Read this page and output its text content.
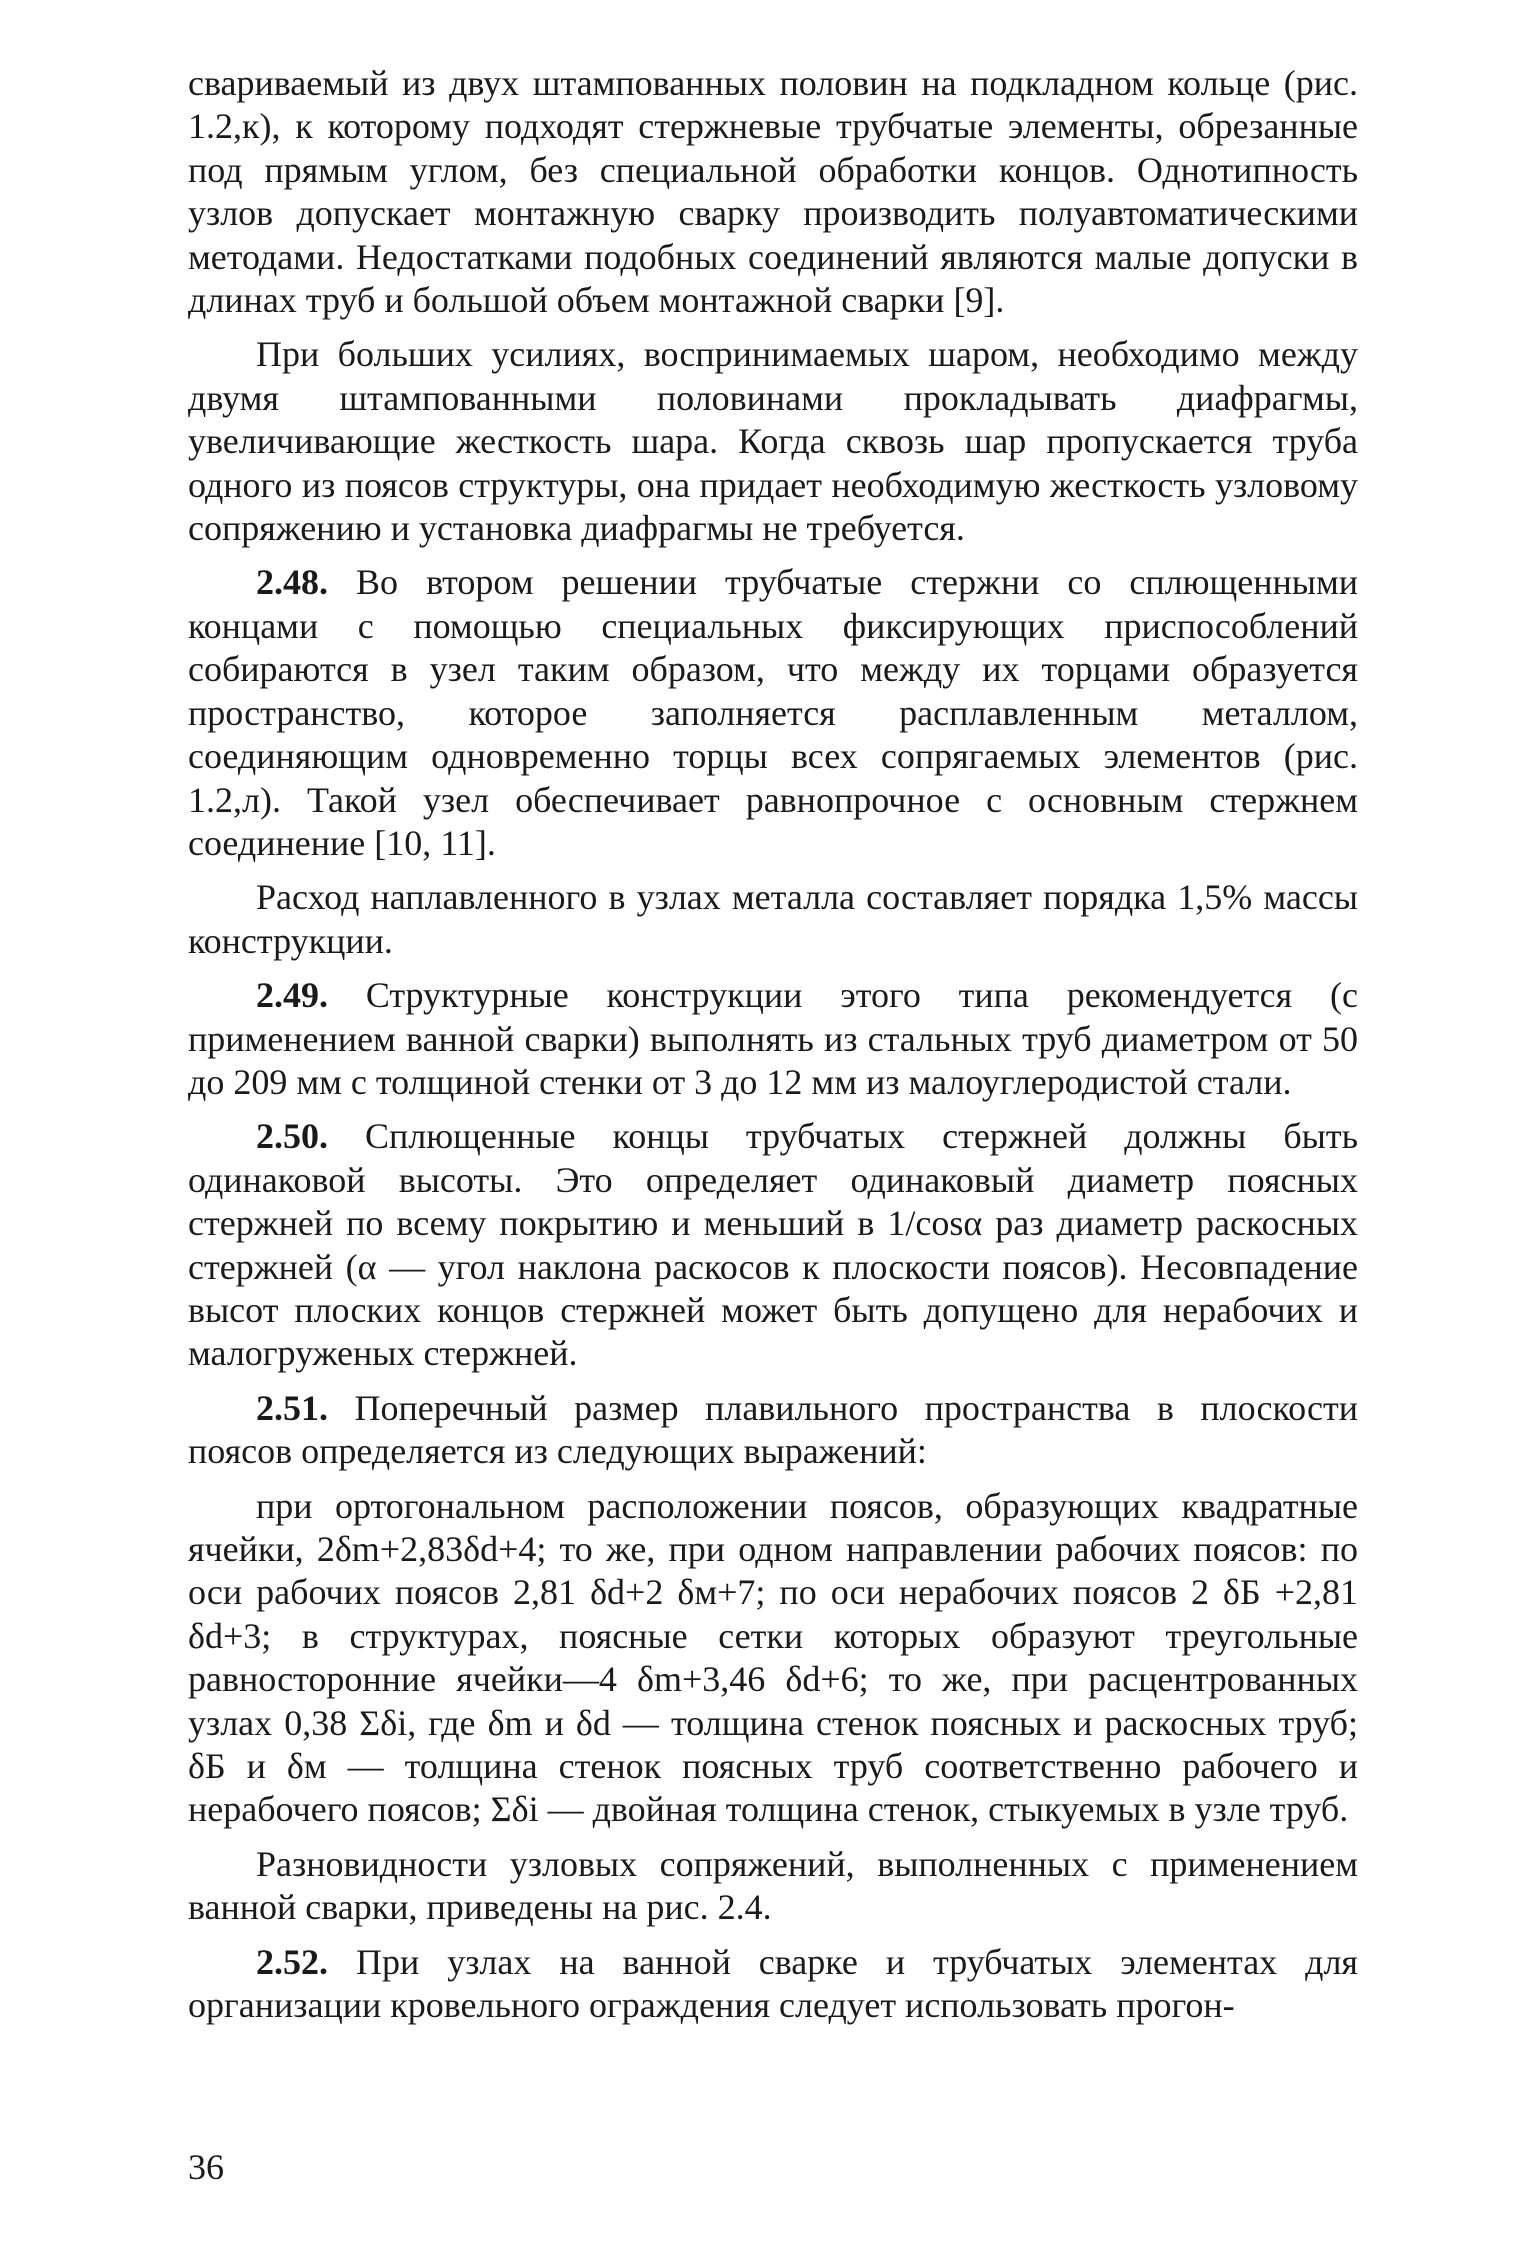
свариваемый из двух штампованных половин на подкладном кольце (рис. 1.2,к), к которому подходят стержневые трубчатые элементы, обрезанные под прямым углом, без специальной обработки концов. Однотипность узлов допускает монтажную сварку производить полуавтоматическими методами. Недостатками подобных соединений являются малые допуски в длинах труб и большой объем монтажной сварки [9].

При больших усилиях, воспринимаемых шаром, необходимо между двумя штампованными половинами прокладывать диафрагмы, увеличивающие жесткость шара. Когда сквозь шар пропускается труба одного из поясов структуры, она придает необходимую жесткость узловому сопряжению и установка диафрагмы не требуется.

2.48. Во втором решении трубчатые стержни со сплющенными концами с помощью специальных фиксирующих приспособлений собираются в узел таким образом, что между их торцами образуется пространство, которое заполняется расплавленным металлом, соединяющим одновременно торцы всех сопрягаемых элементов (рис. 1.2,л). Такой узел обеспечивает равнопрочное с основным стержнем соединение [10, 11].

Расход наплавленного в узлах металла составляет порядка 1,5% массы конструкции.

2.49. Структурные конструкции этого типа рекомендуется (с применением ванной сварки) выполнять из стальных труб диаметром от 50 до 209 мм с толщиной стенки от 3 до 12 мм из малоуглеродистой стали.

2.50. Сплющенные концы трубчатых стержней должны быть одинаковой высоты. Это определяет одинаковый диаметр поясных стержней по всему покрытию и меньший в 1/cosα раз диаметр раскосных стержней (α — угол наклона раскосов к плоскости поясов). Несовпадение высот плоских концов стержней может быть допущено для нерабочих и малогруженых стержней.

2.51. Поперечный размер плавильного пространства в плоскости поясов определяется из следующих выражений:

при ортогональном расположении поясов, образующих квадратные ячейки, 2δm+2,83δd+4; то же, при одном направлении рабочих поясов: по оси рабочих поясов 2,81 δd+2 δм+7; по оси нерабочих поясов 2 δБ +2,81 δd+3; в структурах, поясные сетки которых образуют треугольные равносторонние ячейки—4 δm+3,46 δd+6; то же, при расцентрованных узлах 0,38 Σδi, где δm и δd — толщина стенок поясных и раскосных труб; δБ и δм — толщина стенок поясных труб соответственно рабочего и нерабочего поясов; Σδi — двойная толщина стенок, стыкуемых в узле труб.

Разновидности узловых сопряжений, выполненных с применением ванной сварки, приведены на рис. 2.4.

2.52. При узлах на ванной сварке и трубчатых элементах для организации кровельного ограждения следует использовать прогон-

36
